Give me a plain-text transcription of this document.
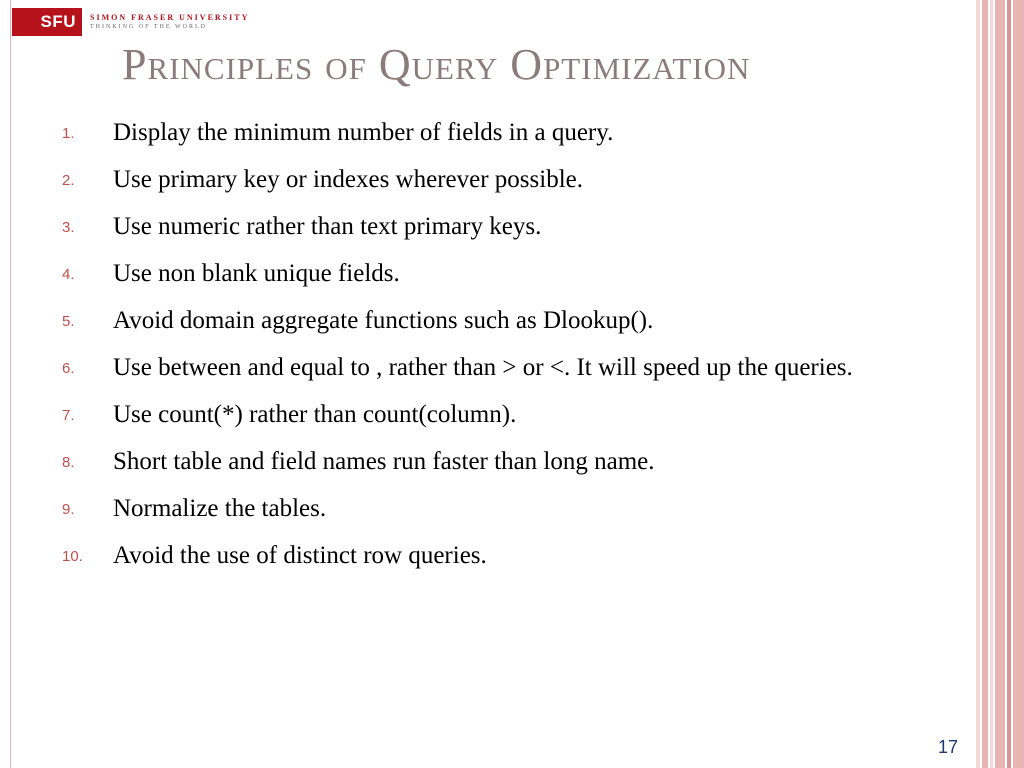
SFU	SIMON FRASER UNIVERSITY
THINKING OF THE WORLD
Principles of Query Optimization
1. Display the minimum number of fields in a query.
2. Use primary key or indexes wherever possible.
3. Use numeric rather than text primary keys.
4. Use non blank unique fields.
5. Avoid domain aggregate functions such as Dlookup().
6. Use between and equal to , rather than > or <. It will speed up the queries.
7. Use count(*) rather than count(column).
8. Short table and field names run faster than long name.
9. Normalize the tables.
10. Avoid the use of distinct row queries.
17
